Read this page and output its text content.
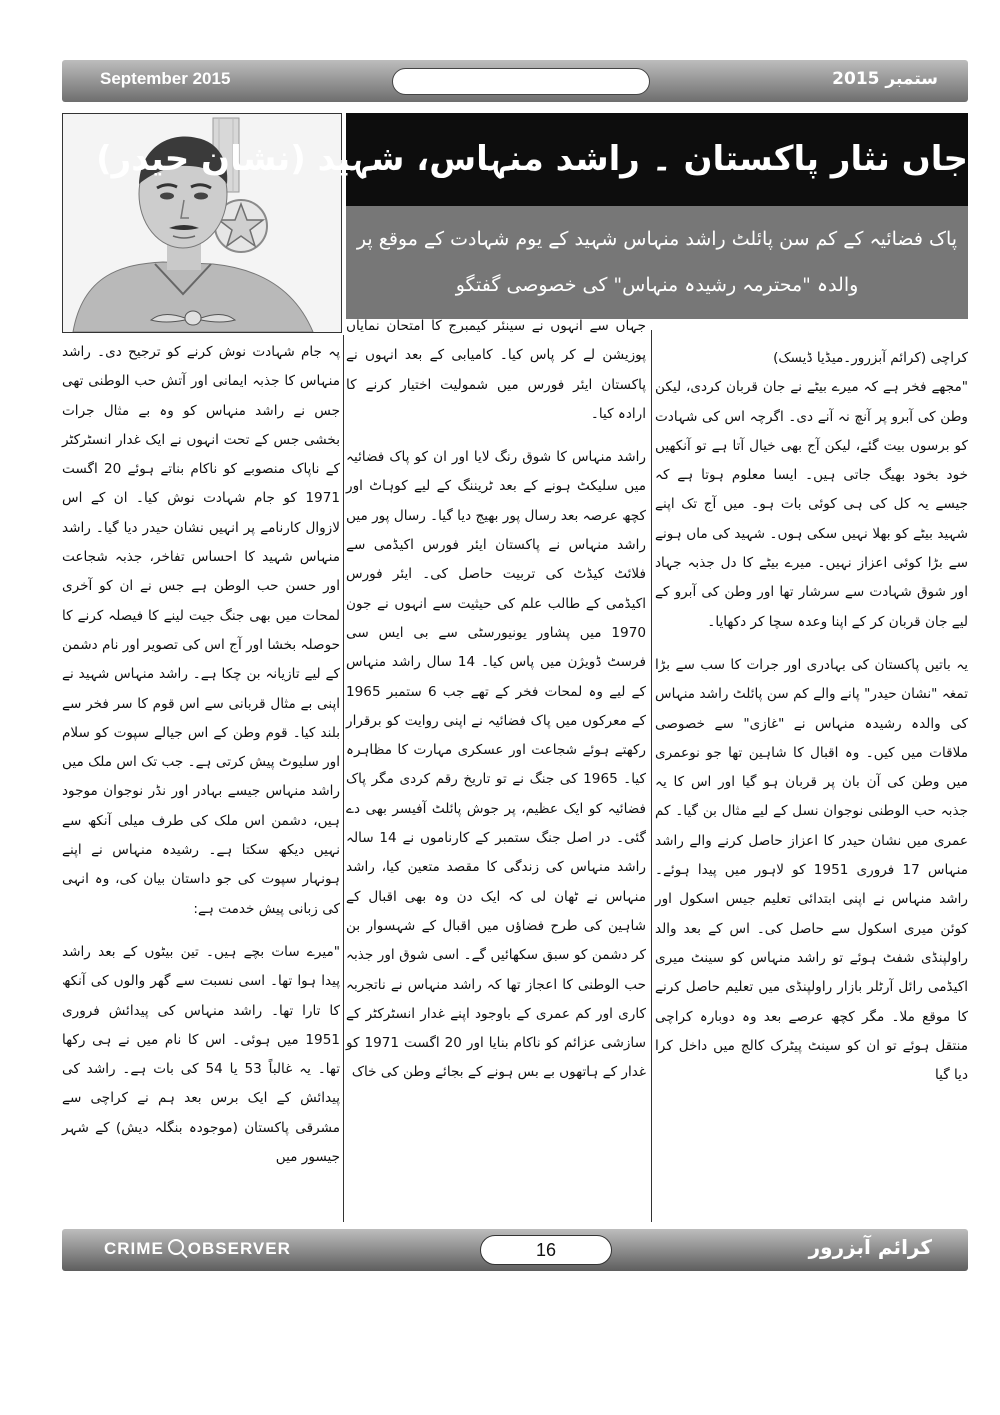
September 2015	ستمبر 2015
جاں نثار پاکستان ۔ راشد منہاس، شہید (نشان حیدر)
پاک فضائیہ کے کم سن پائلٹ راشد منہاس شہید کے یوم شہادت کے موقع پر
والدہ "محترمہ رشیدہ منہاس" کی خصوصی گفتگو

کراچی (کرائم آبزرور۔میڈیا ڈیسک)

"مجھے فخر ہے کہ میرے بیٹے نے جان قربان کردی، لیکن وطن کی آبرو پر آنچ نہ آنے دی۔ اگرچہ اس کی شہادت کو برسوں بیت گئے، لیکن آج بھی خیال آتا ہے تو آنکھیں خود بخود بھیگ جاتی ہیں۔ ایسا معلوم ہوتا ہے کہ جیسے یہ کل کی ہی کوئی بات ہو۔ میں آج تک اپنے شہید بیٹے کو بھلا نہیں سکی ہوں۔ شہید کی ماں ہونے سے بڑا کوئی اعزاز نہیں۔ میرے بیٹے کا دل جذبہ جہاد اور شوق شہادت سے سرشار تھا اور وطن کی آبرو کے لیے جان قربان کر کے اپنا وعدہ سچا کر دکھایا۔

یہ باتیں پاکستان کی بہادری اور جرات کا سب سے بڑا تمغہ "نشان حیدر" پانے والے کم سن پائلٹ راشد منہاس کی والدہ رشیدہ منہاس نے "غازی" سے خصوصی ملاقات میں کیں۔ وہ اقبال کا شاہین تھا جو نوعمری میں وطن کی آن بان پر قربان ہو گیا اور اس کا یہ جذبہ حب الوطنی نوجوان نسل کے لیے مثال بن گیا۔ کم عمری میں نشان حیدر کا اعزاز حاصل کرنے والے راشد منہاس 17 فروری 1951 کو لاہور میں پیدا ہوئے۔ راشد منہاس نے اپنی ابتدائی تعلیم جیس اسکول اور کوئن میری اسکول سے حاصل کی۔ اس کے بعد والد راولپنڈی شفٹ ہوئے تو راشد منہاس کو سینٹ میری اکیڈمی رائل آرٹلر بازار راولپنڈی میں تعلیم حاصل کرنے کا موقع ملا۔ مگر کچھ عرصے بعد وہ دوبارہ کراچی منتقل ہوئے تو ان کو سینٹ پیٹرک کالج میں داخل کرا دیا گیا

جہاں سے انہوں نے سینئر کیمبرج کا امتحان نمایاں پوزیشن لے کر پاس کیا۔ کامیابی کے بعد انہوں نے پاکستان ایئر فورس میں شمولیت اختیار کرنے کا ارادہ کیا۔

راشد منہاس کا شوق رنگ لایا اور ان کو پاک فضائیہ میں سلیکٹ ہونے کے بعد ٹریننگ کے لیے کوہاٹ اور کچھ عرصہ بعد رسال پور بھیج دیا گیا۔ رسال پور میں راشد منہاس نے پاکستان ایئر فورس اکیڈمی سے فلائٹ کیڈٹ کی تربیت حاصل کی۔ ایئر فورس اکیڈمی کے طالب علم کی حیثیت سے انہوں نے جون 1970 میں پشاور یونیورسٹی سے بی ایس سی فرسٹ ڈویژن میں پاس کیا۔ 14 سال راشد منہاس کے لیے وہ لمحات فخر کے تھے جب 6 ستمبر 1965 کے معرکوں میں پاک فضائیہ نے اپنی روایت کو برقرار رکھتے ہوئے شجاعت اور عسکری مہارت کا مظاہرہ کیا۔ 1965 کی جنگ نے تو تاریخ رقم کردی مگر پاک فضائیہ کو ایک عظیم، پر جوش پائلٹ آفیسر بھی دے گئی۔ در اصل جنگ ستمبر کے کارناموں نے 14 سالہ راشد منہاس کی زندگی کا مقصد متعین کیا، راشد منہاس نے ٹھان لی کہ ایک دن وہ بھی اقبال کے شاہین کی طرح فضاؤں میں اقبال کے شہسوار بن کر دشمن کو سبق سکھائیں گے۔ اسی شوق اور جذبہ حب الوطنی کا اعجاز تھا کہ راشد منہاس نے ناتجربہ کاری اور کم عمری کے باوجود اپنے غدار انسٹرکٹر کے سازشی عزائم کو ناکام بنایا اور 20 اگست 1971 کو غدار کے ہاتھوں بے بس ہونے کے بجائے وطن کی خاک

پہ جام شہادت نوش کرنے کو ترجیح دی۔ راشد منہاس کا جذبہ ایمانی اور آتش حب الوطنی تھی جس نے راشد منہاس کو وہ بے مثال جرات بخشی جس کے تحت انہوں نے ایک غدار انسٹرکٹر کے ناپاک منصوبے کو ناکام بناتے ہوئے 20 اگست 1971 کو جام شہادت نوش کیا۔ ان کے اس لازوال کارنامے پر انہیں نشان حیدر دیا گیا۔ راشد منہاس شہید کا احساس تفاخر، جذبہ شجاعت اور حسن حب الوطن ہے جس نے ان کو آخری لمحات میں بھی جنگ جیت لینے کا فیصلہ کرنے کا حوصلہ بخشا اور آج اس کی تصویر اور نام دشمن کے لیے تازیانہ بن چکا ہے۔ راشد منہاس شہید نے اپنی بے مثال قربانی سے اس قوم کا سر فخر سے بلند کیا۔ قوم وطن کے اس جیالے سپوت کو سلام اور سلیوٹ پیش کرتی ہے۔ جب تک اس ملک میں راشد منہاس جیسے بہادر اور نڈر نوجوان موجود ہیں، دشمن اس ملک کی طرف میلی آنکھ سے نہیں دیکھ سکتا ہے۔ رشیدہ منہاس نے اپنے ہونہار سپوت کی جو داستان بیان کی، وہ انہی کی زبانی پیش خدمت ہے:

"میرے سات بچے ہیں۔ تین بیٹوں کے بعد راشد پیدا ہوا تھا۔ اسی نسبت سے گھر والوں کی آنکھ کا تارا تھا۔ راشد منہاس کی پیدائش فروری 1951 میں ہوئی۔ اس کا نام میں نے ہی رکھا تھا۔ یہ غالباً 53 یا 54 کی بات ہے۔ راشد کی پیدائش کے ایک برس بعد ہم نے کراچی سے مشرقی پاکستان (موجودہ بنگلہ دیش) کے شہر جیسور میں

CRIME OBSERVER	16	کرائم آبزرور
